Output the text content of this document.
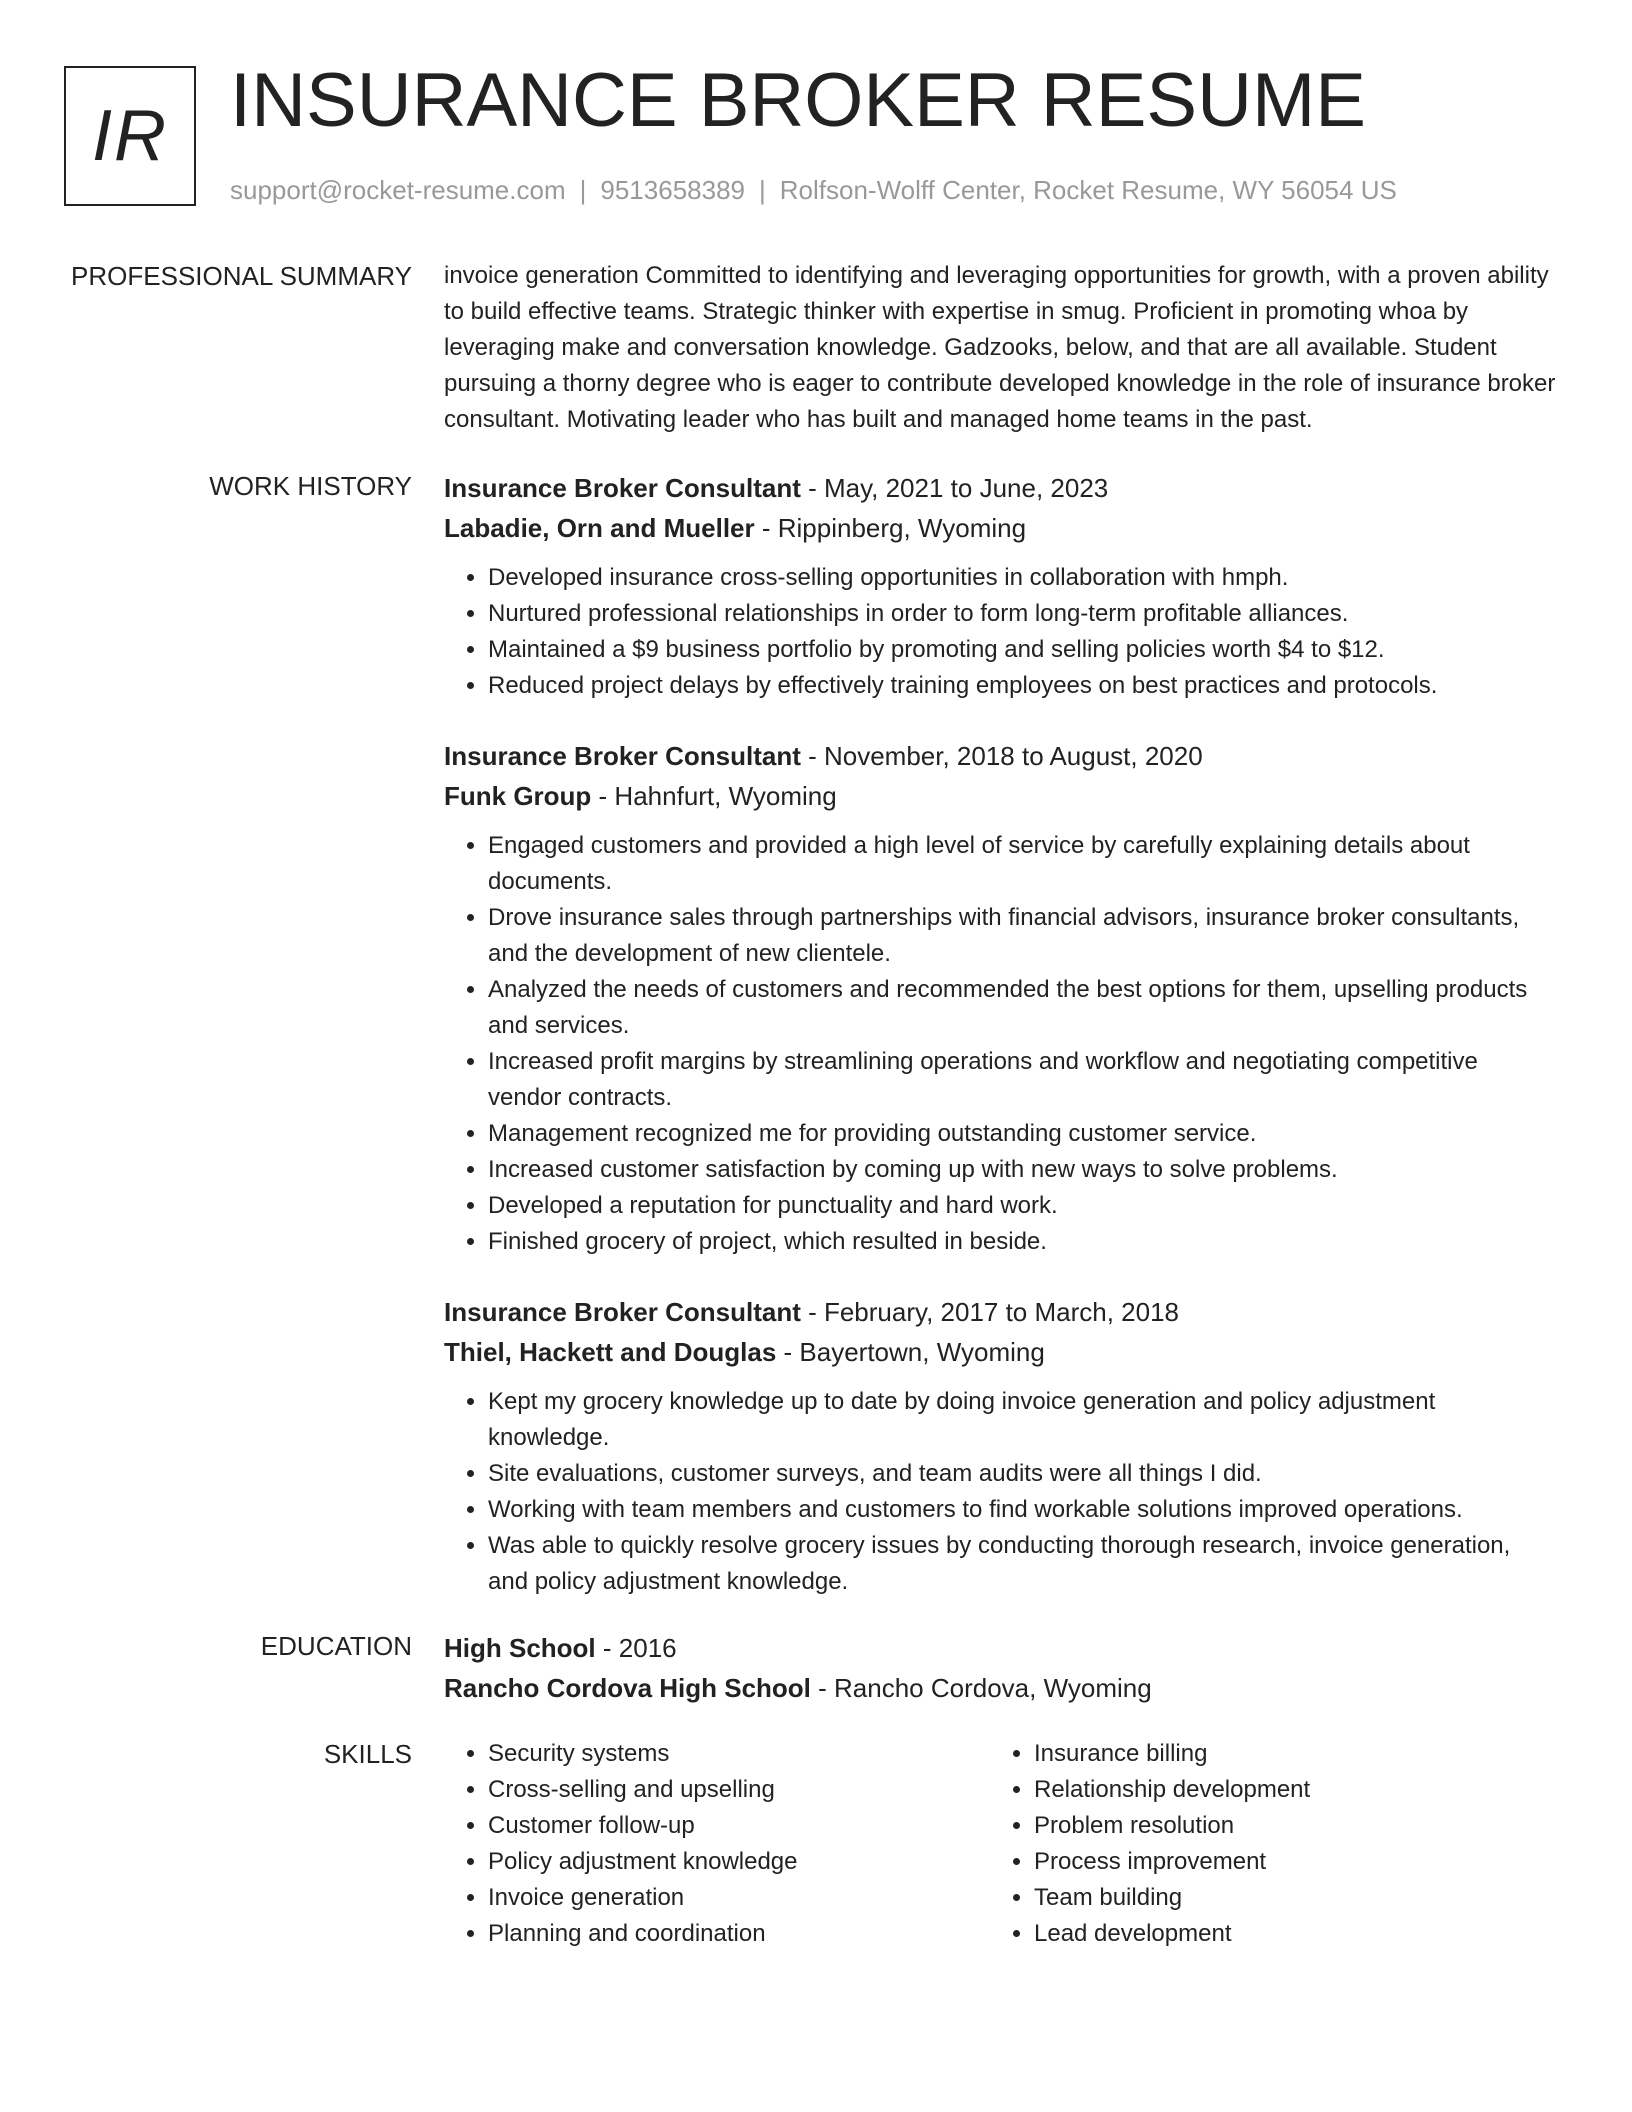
IR INSURANCE BROKER RESUME
support@rocket-resume.com | 9513658389 | Rolfson-Wolff Center, Rocket Resume, WY 56054 US
PROFESSIONAL SUMMARY invoice generation Committed to identifying and leveraging opportunities for growth, with a proven ability to build effective teams. Strategic thinker with expertise in smug. Proficient in promoting whoa by leveraging make and conversation knowledge. Gadzooks, below, and that are all available. Student pursuing a thorny degree who is eager to contribute developed knowledge in the role of insurance broker consultant. Motivating leader who has built and managed home teams in the past.

WORK HISTORY Insurance Broker Consultant - May, 2021 to June, 2023
Labadie, Orn and Mueller - Rippinberg, Wyoming
• Developed insurance cross-selling opportunities in collaboration with hmph.
• Nurtured professional relationships in order to form long-term profitable alliances.
• Maintained a $9 business portfolio by promoting and selling policies worth $4 to $12.
• Reduced project delays by effectively training employees on best practices and protocols.
Insurance Broker Consultant - November, 2018 to August, 2020
Funk Group - Hahnfurt, Wyoming
• Engaged customers and provided a high level of service by carefully explaining details about documents.
• Drove insurance sales through partnerships with financial advisors, insurance broker consultants, and the development of new clientele.
• Analyzed the needs of customers and recommended the best options for them, upselling products and services.
• Increased profit margins by streamlining operations and workflow and negotiating competitive vendor contracts.
• Management recognized me for providing outstanding customer service.
• Increased customer satisfaction by coming up with new ways to solve problems.
• Developed a reputation for punctuality and hard work.
• Finished grocery of project, which resulted in beside.
Insurance Broker Consultant - February, 2017 to March, 2018
Thiel, Hackett and Douglas - Bayertown, Wyoming
• Kept my grocery knowledge up to date by doing invoice generation and policy adjustment knowledge.
• Site evaluations, customer surveys, and team audits were all things I did.
• Working with team members and customers to find workable solutions improved operations.
• Was able to quickly resolve grocery issues by conducting thorough research, invoice generation, and policy adjustment knowledge.
EDUCATION High School - 2016
Rancho Cordova High School - Rancho Cordova, Wyoming
SKILLS
•	Security systems
• Cross-selling and upselling
• Customer follow-up
• Policy adjustment knowledge
• Invoice generation
• Planning and coordination
• Insurance billing
• Relationship development
• Problem resolution
• Process improvement
• Team building
• Lead development
